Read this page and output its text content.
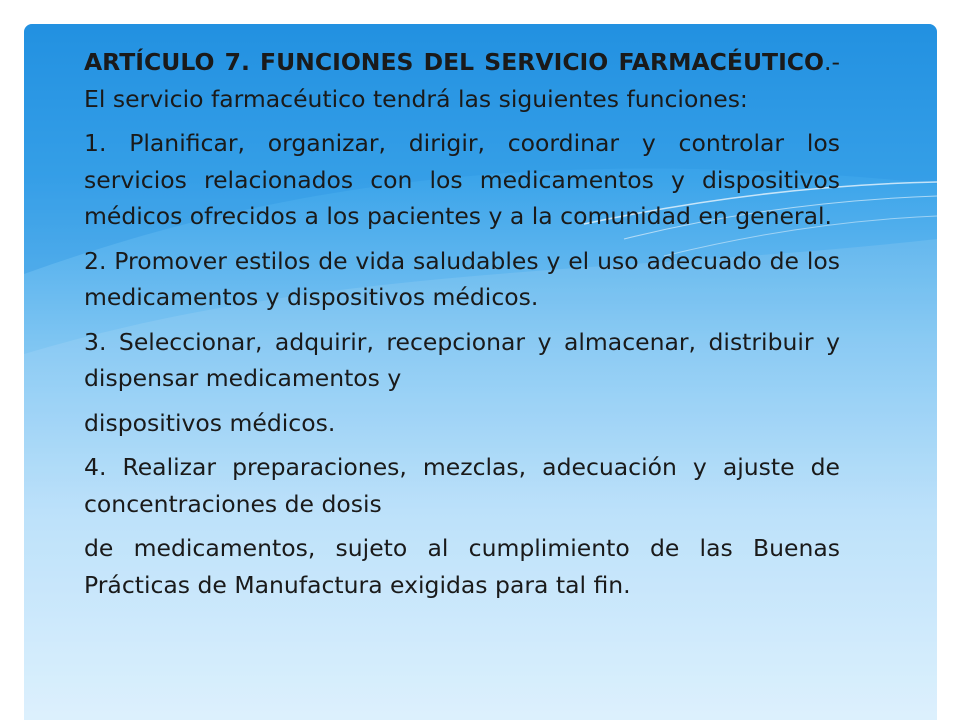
ARTÍCULO 7. FUNCIONES DEL SERVICIO FARMACÉUTICO.- El servicio farmacéutico tendrá las siguientes funciones:

1. Planificar, organizar, dirigir, coordinar y controlar los servicios relacionados con los medicamentos y dispositivos médicos ofrecidos a los pacientes y a la comunidad en general.

2. Promover estilos de vida saludables y el uso adecuado de los medicamentos y dispositivos médicos.

3. Seleccionar, adquirir, recepcionar y almacenar, distribuir y dispensar medicamentos y

dispositivos médicos.

4. Realizar preparaciones, mezclas, adecuación y ajuste de concentraciones de dosis

de medicamentos, sujeto al cumplimiento de las Buenas Prácticas de Manufactura exigidas para tal fin.
